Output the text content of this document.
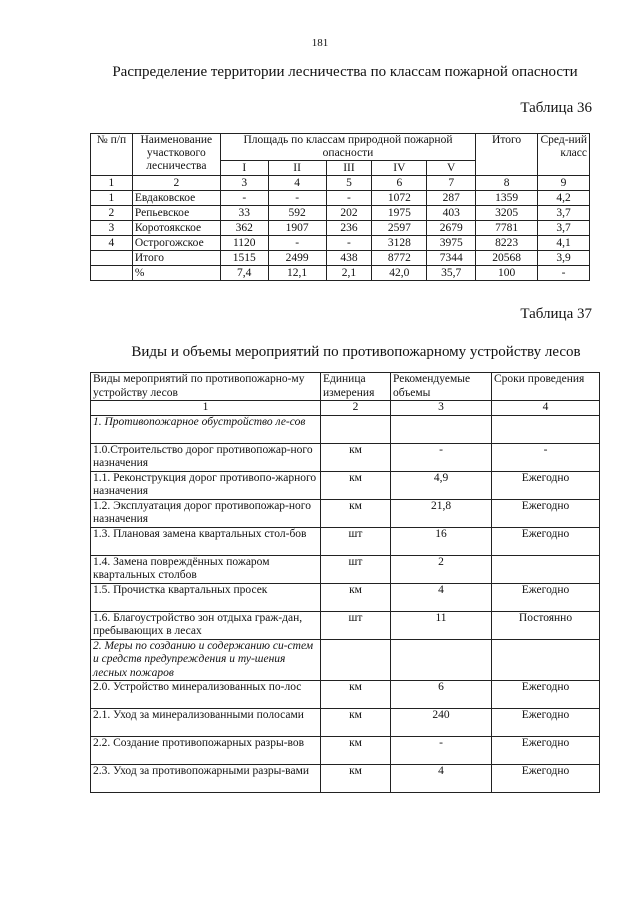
181
Распределение территории лесничества по классам пожарной опасности
Таблица 36
№ п/п	Наименование участкового лесничества	Площадь по классам природной пожарной опасности					Итого	Сред-ний класс
		I	II	III	IV	V		
1	2	3	4	5	6	7	8	9
1	Евдаковское	-	-	-	1072	287	1359	4,2
2	Репьевское	33	592	202	1975	403	3205	3,7
3	Коротоякское	362	1907	236	2597	2679	7781	3,7
4	Острогожское	1120	-	-	3128	3975	8223	4,1
	Итого	1515	2499	438	8772	7344	20568	3,9
	%	7,4	12,1	2,1	42,0	35,7	100	-
Таблица 37
Виды и объемы мероприятий по противопожарному устройству лесов
Виды мероприятий по противопожарно-му устройству лесов	Единица измерения	Рекомендуемые объемы	Сроки проведения
1	2	3	4
1. Противопожарное обустройство ле-сов			
1.0.Строительство дорог противопожар-ного назначения	км	-	-
1.1. Реконструкция дорог противопо-жарного назначения	км	4,9	Ежегодно
1.2. Эксплуатация дорог противопожар-ного назначения	км	21,8	Ежегодно
1.3. Плановая замена квартальных стол-бов	шт	16	Ежегодно
1.4. Замена повреждённых пожаром квартальных столбов	шт	2	
1.5. Прочистка квартальных просек	км	4	Ежегодно
1.6. Благоустройство зон отдыха граж-дан, пребывающих в лесах	шт	11	Постоянно
2. Меры по созданию и содержанию си-стем и средств предупреждения и ту-шения лесных пожаров			
2.0. Устройство минерализованных по-лос	км	6	Ежегодно
2.1. Уход за минерализованными полосами	км	240	Ежегодно
2.2. Создание противопожарных разры-вов	км	-	Ежегодно
2.3. Уход за противопожарными разры-вами	км	4	Ежегодно
